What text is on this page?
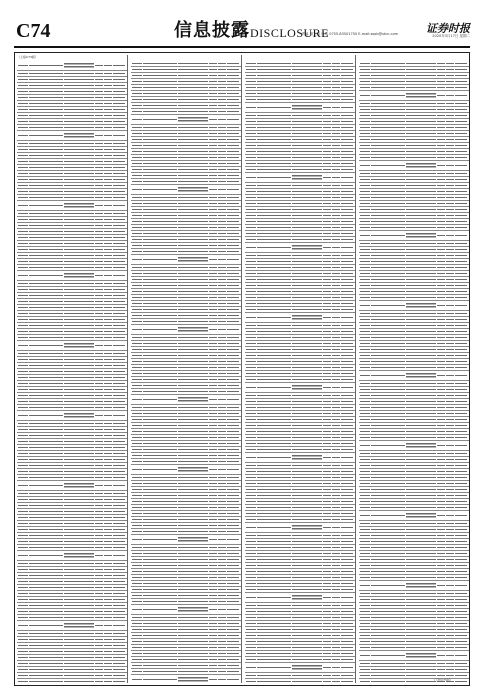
C74	信息披露 DISCLOSURE
责编 谢文茜 电话 0755-83501750 E-mail:zqsb@stcn.com	证券时报
2020年3月17日 星期二
（上接C73版）
（下转C75版）
